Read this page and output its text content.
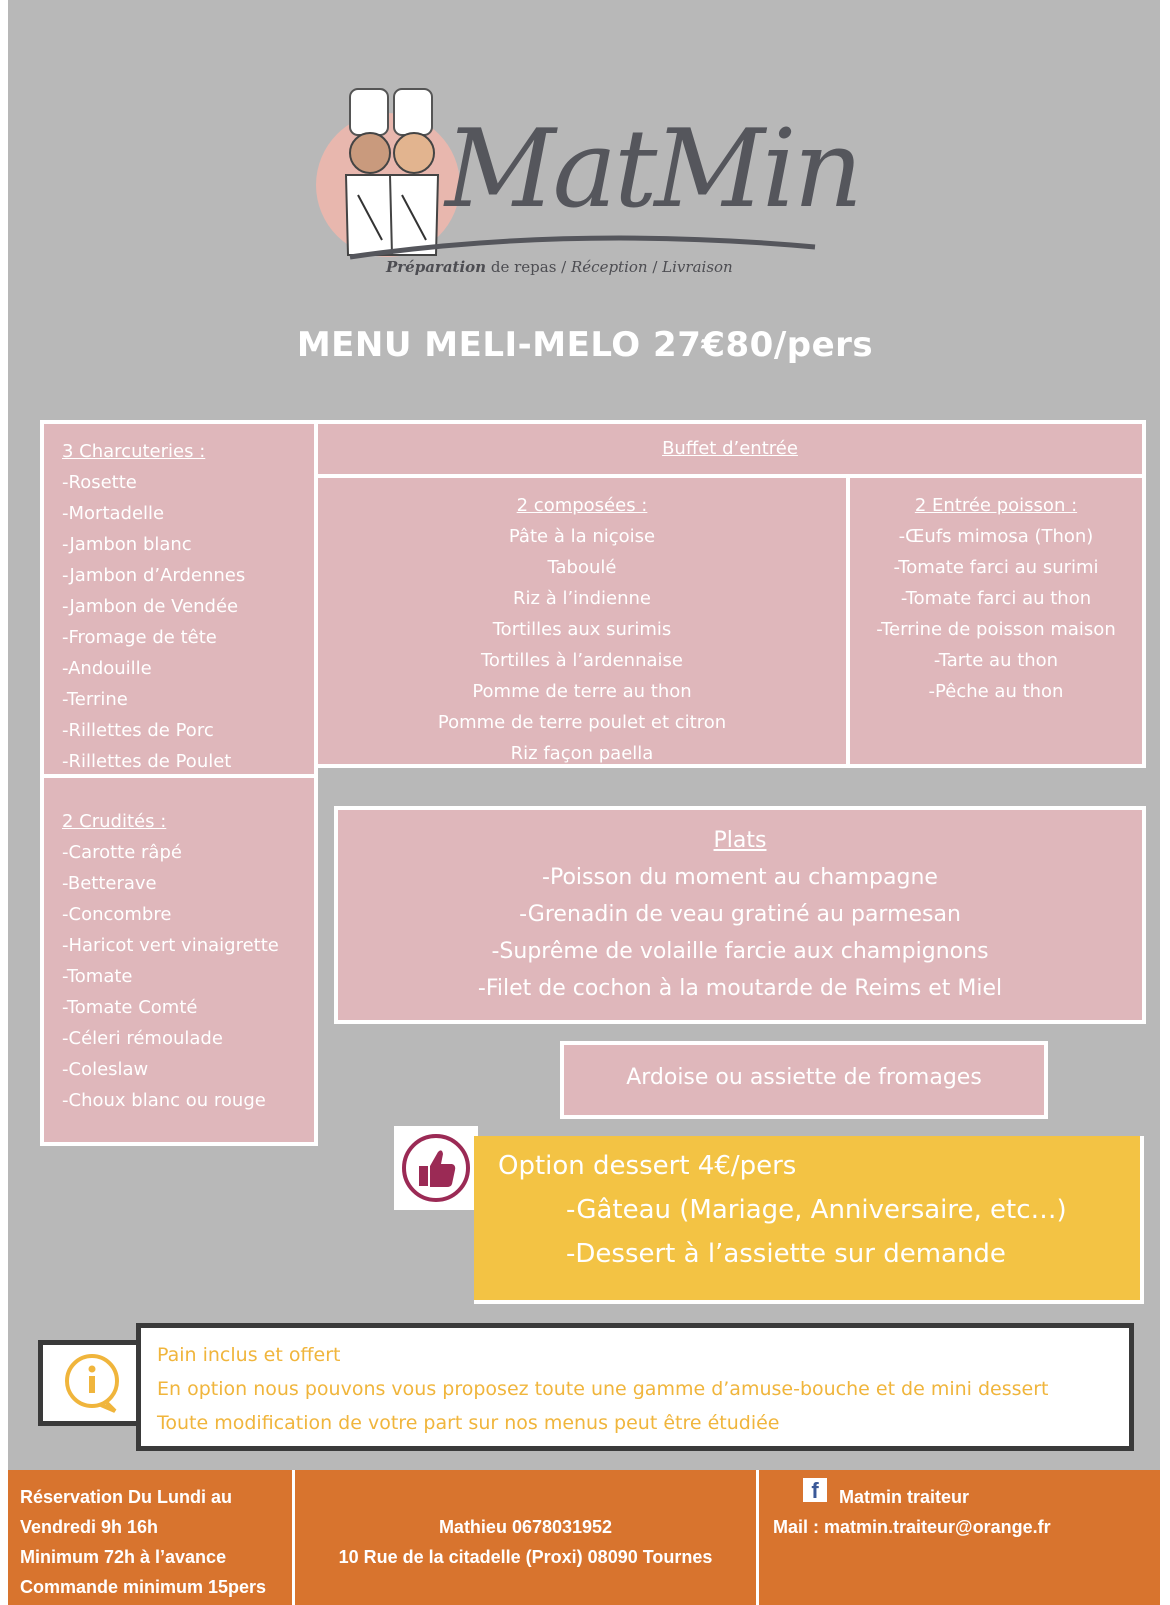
MatMin
Préparation de repas / Réception / Livraison
MENU MELI-MELO 27€80/pers
3 Charcuteries :
-Rosette
-Mortadelle
-Jambon blanc
-Jambon d’Ardennes
-Jambon de Vendée
-Fromage de tête
-Andouille
-Terrine
-Rillettes de Porc
-Rillettes de Poulet
2 Crudités :
-Carotte râpé
-Betterave
-Concombre
-Haricot vert vinaigrette
-Tomate
-Tomate Comté
-Céleri rémoulade
-Coleslaw
-Choux blanc ou rouge
Buffet d’entrée
2 composées :
Pâte à la niçoise
Taboulé
Riz à l’indienne
Tortilles aux surimis
Tortilles à l’ardennaise
Pomme de terre au thon
Pomme de terre poulet et citron
Riz façon paella
2 Entrée poisson :
-Œufs mimosa (Thon)
-Tomate farci au surimi
-Tomate farci au thon
-Terrine de poisson maison
-Tarte au thon
-Pêche au thon
Plats
-Poisson du moment au champagne
-Grenadin de veau gratiné au parmesan
-Suprême de volaille farcie aux champignons
-Filet de cochon à la moutarde de Reims et Miel
Ardoise ou assiette de fromages
Option dessert 4€/pers
-Gâteau (Mariage, Anniversaire, etc…)
-Dessert à l’assiette sur demande
Pain inclus et offert
En option nous pouvons vous proposez toute une gamme d’amuse-bouche et de mini dessert
Toute modification de votre part sur nos menus peut être étudiée
Réservation Du Lundi au
Vendredi 9h 16h
Minimum 72h à l’avance
Commande minimum 15pers
Mathieu 0678031952
10 Rue de la citadelle (Proxi) 08090 Tournes
f	Matmin traiteur
Mail : matmin.traiteur@orange.fr
